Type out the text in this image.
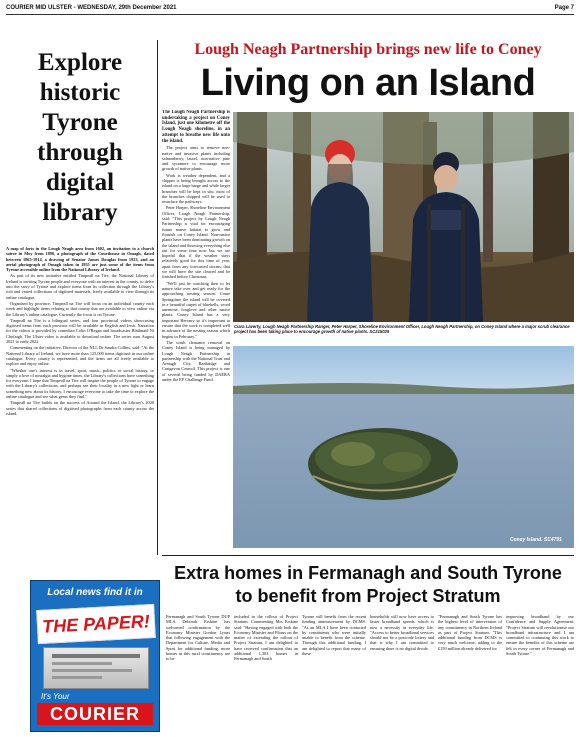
COURIER MID ULSTER - WEDNESDAY, 29th December 2021	Page 7
Explore historic Tyrone through digital library

A map of forts in the Lough Neagh area from 1602, an invitation to a church soiree in Moy from 1890, a photograph of the Courthouse in Omagh, dated between 1865-1914, a drawing of Senator James Douglas from 1923, and an aerial photograph of Omagh taken in 1955 are just some of the items from Tyrone accessible online from the National Library of Ireland.

As part of its new initiative entitled Timpeall na Tíre, the National Library of Ireland is inviting Tyrone people and everyone with an interest in the county, to delve into the story of Tyrone and explore items from its collection through the Library's rich and varied collections of digitised materials, freely available to view through its online catalogue.

Organised by province, Timpeall na Tíre will focus on an individual county each week and highlight items relating to that county that are available to view online via the Library's online catalogue. Currently the focus is on Tyrone.

Timpeall na Tíre is a bilingual series, and four provincial videos showcasing digitised items from each province will be available in English and Irish. Narration for the videos is provided by comedian Colin O'Regan and broadcaster Bláthnaid Ní Chofaigh. The Ulster video is available to download online. The series runs August 2021 to early 2022.

Commenting on the initiative, Director of the NLI, Dr Sandra Collins, said: "At the National Library of Ireland, we have more than 125,000 items digitised in our online catalogue. Every county is represented, and the items are all freely available to explore and enjoy online.

"Whether one's interest is in travel, sport, music, politics or social history, or simply a love of nostalgia and bygone times, the Library's collections have something for everyone. I hope that Timpeall na Tíre will inspire the people of Tyrone to engage with the Library's collections, and perhaps see their locality in a new light or learn something new about its history. I encourage everyone to take the time to explore the online catalogue and see what gems they find."

Timpeall na Tíre builds on the success of Around the Island, the Library's 2020 series that shared collections of digitised photographs from each county across the island.

Local news find it in
THE PAPER!
It's Your
COURIER
Lough Neagh Partnership brings new life to Coney
Living on an Island

The Lough Neagh Partnership is undertaking a project on Coney Island, just one kilometre off the Lough Neagh shoreline, in an attempt to breathe new life onto the island.

The project aims to remove non-native and invasive plants including salmonberry, laurel, non-native pine and sycamore to encourage more growth of native plants.

Work is weather dependent, and a chipper is being brought across to the island on a large barge and while larger branches will be kept in situ, most of the branches chipped will be used to resurface the pathways.

Peter Harper, Shoreline Environment Officer, Lough Neagh Partnership, said: "This project by Lough Neagh Partnership is vital for encouraging future native habitat to grow and flourish on Coney Island. Non-native plants have been dominating growth on the island and throwing everything else out for some time now but we are hopeful that if the weather stays relatively good for this time of year, apart from any forecasted storms, that we will have the site cleared and be finished before Christmas.

"We'll just be watching then to let nature take over and get ready for the approaching nesting season. Come Springtime the island will be covered in a beautiful carpet of bluebells, wood anemone, foxglove and other native plants. Coney Island has a very important Heronry so it's important to ensure that the work is completed well in advance of the nesting season which begins in February."

The scrub clearance removal on Coney Island is being managed by Lough Neagh Partnership in partnership with the National Trust and Armagh City, Banbridge and Craigavon Council. This project is one of several being funded by DAERA under the EF Challenge Fund.

Ciara Laverty, Lough Neagh Partnership Ranger, Peter Harper, Shoreline Environment Officer, Lough Neagh Partnership, on Coney Island where a major scrub clearance project has been taking place to encourage growth of native plants. SC215029
Coney Island. SC4791
Extra homes in Fermanagh and South Tyrone to benefit from Project Stratum
Fermanagh and South Tyrone DUP MLA Deborah Erskine has welcomed confirmation by the Economy Minister Gordon Lyons that following engagement with the Department for Culture, Media and Sport for additional funding, more homes in this rural constituency are to be
included in the rollout of Project Stratum. Commenting Mrs Erskine said: "Having engaged with both the Economy Minister and Fibrus on the matter of extending the rollout of Project Stratum, I am delighted to have received confirmation that an additional 1,303 homes in Fermanagh and South
Tyrone will benefit from the recent funding announcement by DCMS. "As an MLA I have been contacted by constituents who were initially unable to benefit from the scheme. Through this additional funding, I am delighted to report that many of these
households will now have access to faster broadband speeds, which is now a necessity in everyday life. "Access to better broadband services should not be a postcode lottery and that is why I am committed to ensuring there is no digital divide.
"Fermanagh and South Tyrone has the highest level of intervention of any constituency in Northern Ireland as part of Project Stratum. "This additional funding from DCMS is very much welcome, adding to the £150 million already delivered for
improving broadband by our Confidence and Supply Agreement. "Project Stratum will revolutionise our broadband infrastructure and I am committed to continuing this work to ensure the benefits of this scheme are felt in every corner of Fermanagh and South Tyrone."
